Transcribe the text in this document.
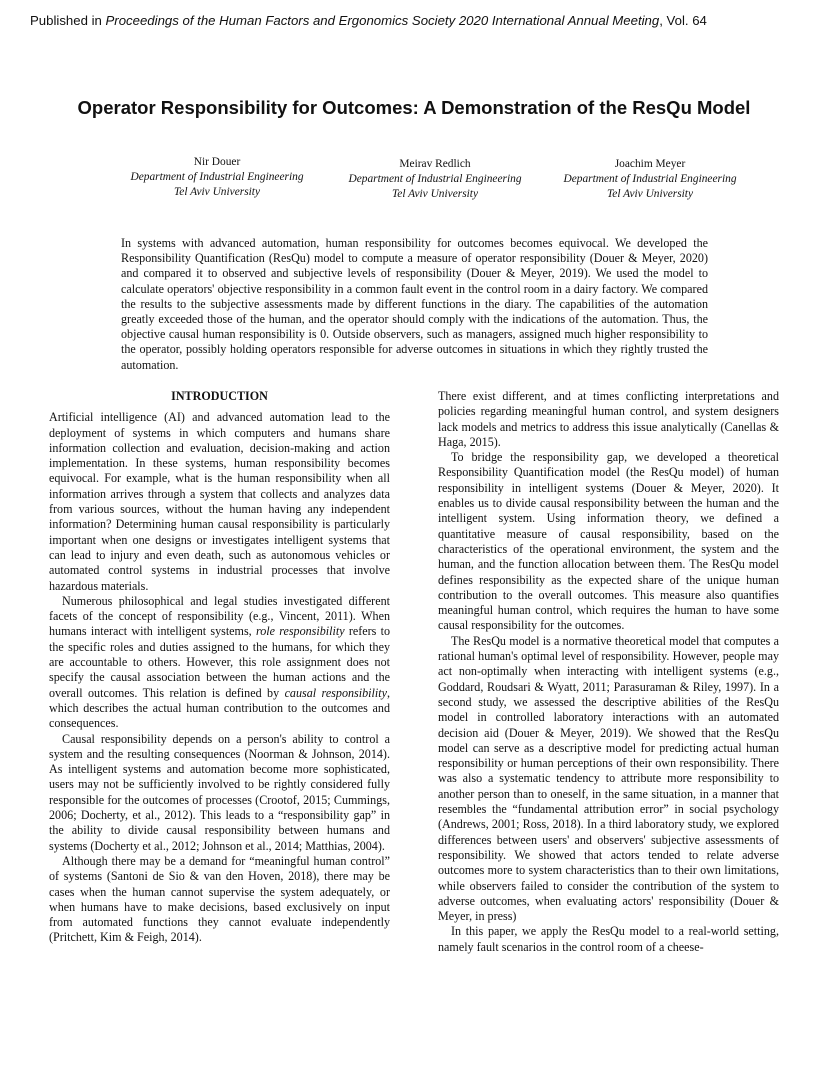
Published in Proceedings of the Human Factors and Ergonomics Society 2020 International Annual Meeting, Vol. 64
Operator Responsibility for Outcomes: A Demonstration of the ResQu Model
Nir Douer
Department of Industrial Engineering
Tel Aviv University
Meirav Redlich
Department of Industrial Engineering
Tel Aviv University
Joachim Meyer
Department of Industrial Engineering
Tel Aviv University
In systems with advanced automation, human responsibility for outcomes becomes equivocal. We developed the Responsibility Quantification (ResQu) model to compute a measure of operator responsibility (Douer & Meyer, 2020) and compared it to observed and subjective levels of responsibility (Douer & Meyer, 2019). We used the model to calculate operators' objective responsibility in a common fault event in the control room in a dairy factory. We compared the results to the subjective assessments made by different functions in the diary. The capabilities of the automation greatly exceeded those of the human, and the operator should comply with the indications of the automation. Thus, the objective causal human responsibility is 0. Outside observers, such as managers, assigned much higher responsibility to the operator, possibly holding operators responsible for adverse outcomes in situations in which they rightly trusted the automation.
INTRODUCTION

Artificial intelligence (AI) and advanced automation lead to the deployment of systems in which computers and humans share information collection and evaluation, decision-making and action implementation. In these systems, human responsibility becomes equivocal. For example, what is the human responsibility when all information arrives through a system that collects and analyzes data from various sources, without the human having any independent information? Determining human causal responsibility is particularly important when one designs or investigates intelligent systems that can lead to injury and even death, such as autonomous vehicles or automated control systems in industrial processes that involve hazardous materials.

Numerous philosophical and legal studies investigated different facets of the concept of responsibility (e.g., Vincent, 2011). When humans interact with intelligent systems, role responsibility refers to the specific roles and duties assigned to the humans, for which they are accountable to others. However, this role assignment does not specify the causal association between the human actions and the overall outcomes. This relation is defined by causal responsibility, which describes the actual human contribution to the outcomes and consequences.

Causal responsibility depends on a person's ability to control a system and the resulting consequences (Noorman & Johnson, 2014). As intelligent systems and automation become more sophisticated, users may not be sufficiently involved to be rightly considered fully responsible for the outcomes of processes (Crootof, 2015; Cummings, 2006; Docherty, et al., 2012). This leads to a “responsibility gap” in the ability to divide causal responsibility between humans and systems (Docherty et al., 2012; Johnson et al., 2014; Matthias, 2004).

Although there may be a demand for “meaningful human control” of systems (Santoni de Sio & van den Hoven, 2018), there may be cases when the human cannot supervise the system adequately, or when humans have to make decisions, based exclusively on input from automated functions they cannot evaluate independently (Pritchett, Kim & Feigh, 2014).

There exist different, and at times conflicting interpretations and policies regarding meaningful human control, and system designers lack models and metrics to address this issue analytically (Canellas & Haga, 2015).

To bridge the responsibility gap, we developed a theoretical Responsibility Quantification model (the ResQu model) of human responsibility in intelligent systems (Douer & Meyer, 2020). It enables us to divide causal responsibility between the human and the intelligent system. Using information theory, we defined a quantitative measure of causal responsibility, based on the characteristics of the operational environment, the system and the human, and the function allocation between them. The ResQu model defines responsibility as the expected share of the unique human contribution to the overall outcomes. This measure also quantifies meaningful human control, which requires the human to have some causal responsibility for the outcomes.

The ResQu model is a normative theoretical model that computes a rational human's optimal level of responsibility. However, people may act non-optimally when interacting with intelligent systems (e.g., Goddard, Roudsari & Wyatt, 2011; Parasuraman & Riley, 1997). In a second study, we assessed the descriptive abilities of the ResQu model in controlled laboratory interactions with an automated decision aid (Douer & Meyer, 2019). We showed that the ResQu model can serve as a descriptive model for predicting actual human responsibility or human perceptions of their own responsibility. There was also a systematic tendency to attribute more responsibility to another person than to oneself, in the same situation, in a manner that resembles the “fundamental attribution error” in social psychology (Andrews, 2001; Ross, 2018). In a third laboratory study, we explored differences between users' and observers' subjective assessments of responsibility. We showed that actors tended to relate adverse outcomes more to system characteristics than to their own limitations, while observers failed to consider the contribution of the system to adverse outcomes, when evaluating actors' responsibility (Douer & Meyer, in press)

In this paper, we apply the ResQu model to a real-world setting, namely fault scenarios in the control room of a cheese-
